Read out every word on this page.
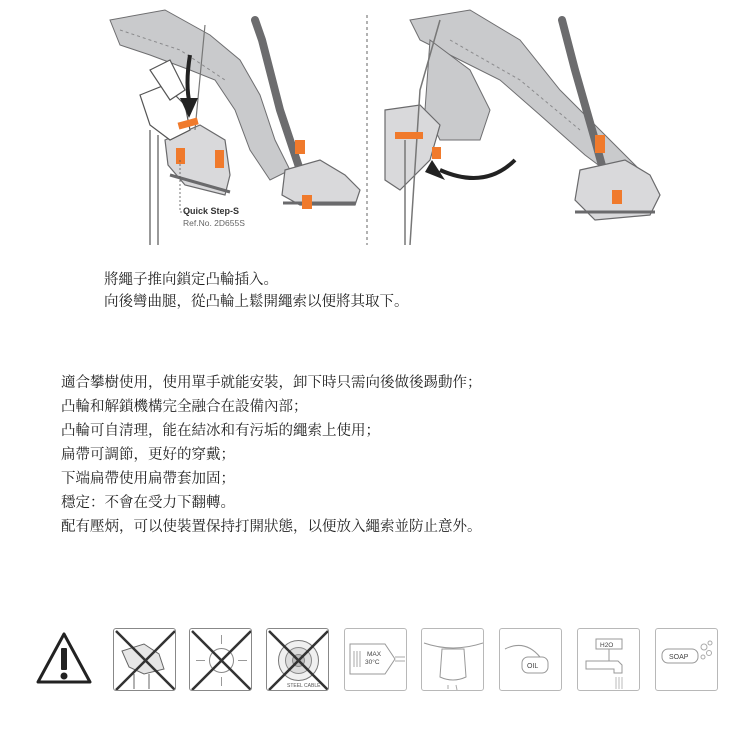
Quick Step-S
Ref.No. 2D655S
將繩子推向鎖定凸輪插入。
向後彎曲腿，從凸輪上鬆開繩索以便將其取下。
適合攀樹使用，使用單手就能安裝，卸下時只需向後做後踢動作；
凸輪和解鎖機構完全融合在設備內部；
凸輪可自清理，能在結冰和有污垢的繩索上使用；
扁帶可調節，更好的穿戴；
下端扁帶使用扁帶套加固；
穩定：不會在受力下翻轉。
配有壓炳，可以使裝置保持打開狀態，以便放入繩索並防止意外。
STEEL CABLE
MAX
30°C
OIL
H2O
SOAP
